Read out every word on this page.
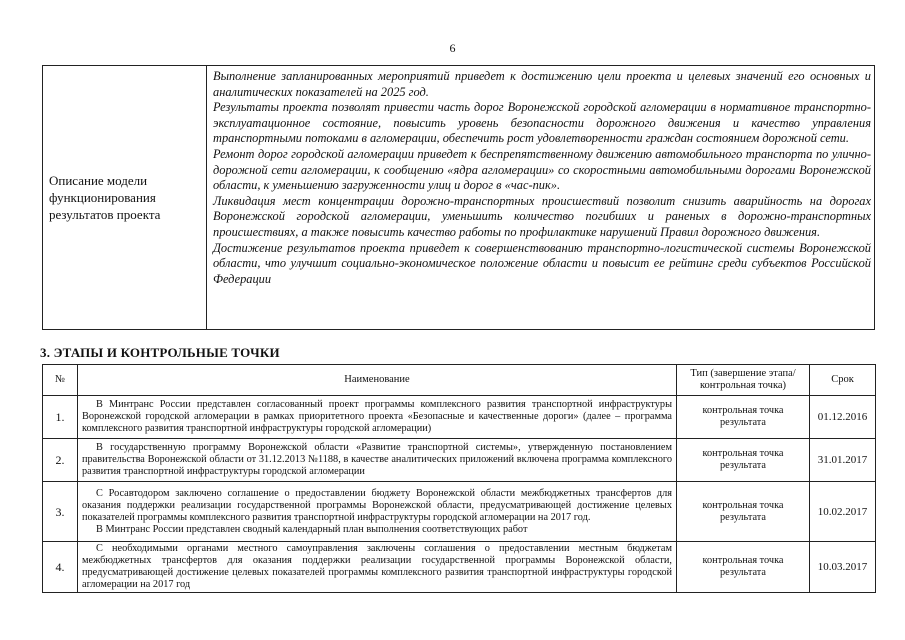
6
Описание модели функционирования результатов проекта	

Выполнение запланированных мероприятий приведет к достижению цели проекта и целевых значений его основных и аналитических показателей на 2025 год.

Результаты проекта позволят привести часть дорог Воронежской городской агломерации в нормативное транспортно-эксплуатационное состояние, повысить уровень безопасности дорожного движения и качество управления транспортными потоками в агломерации, обеспечить рост удовлетворенности граждан состоянием дорожной сети.

Ремонт дорог городской агломерации приведет к беспрепятственному движению автомобильного транспорта по улично-дорожной сети агломерации, к сообщению «ядра агломерации» со скоростными автомобильными дорогами Воронежской области, к уменьшению загруженности улиц и дорог в «час-пик».

Ликвидация мест концентрации дорожно-транспортных происшествий позволит снизить аварийность на дорогах Воронежской городской агломерации, уменьшить количество погибших и раненых в дорожно-транспортных происшествиях, а также повысить качество работы по профилактике нарушений Правил дорожного движения.

Достижение результатов проекта приведет к совершенствованию транспортно-логистической системы Воронежской области, что улучшит социально-экономическое положение области и повысит ее рейтинг среди субъектов Российской Федерации

3. ЭТАПЫ И КОНТРОЛЬНЫЕ ТОЧКИ
№	Наименование	Тип (завершение этапа/контрольная точка)	Срок
1.	В Минтранс России представлен согласованный проект программы комплексного развития транспортной инфраструктуры Воронежской городской агломерации в рамках приоритетного проекта «Безопасные и качественные дороги» (далее – программа комплексного развития транспортной инфраструктуры городской агломерации)	контрольная точка результата	01.12.2016
2.	В государственную программу Воронежской области «Развитие транспортной системы», утвержденную постановлением правительства Воронежской области от 31.12.2013 №1188, в качестве аналитических приложений включена программа комплексного развития транспортной инфраструктуры городской агломерации	контрольная точка результата	31.01.2017
3.	С Росавтодором заключено соглашение о предоставлении бюджету Воронежской области межбюджетных трансфертов для оказания поддержки реализации государственной программы Воронежской области, предусматривающей достижение целевых показателей программы комплексного развития транспортной инфраструктуры городской агломерации на 2017 год.

В Минтранс России представлен сводный календарный план выполнения соответствующих работ	контрольная точка результата	10.02.2017
4.	С необходимыми органами местного самоуправления заключены соглашения о предоставлении местным бюджетам межбюджетных трансфертов для оказания поддержки реализации государственной программы Воронежской области, предусматривающей достижение целевых показателей программы комплексного развития транспортной инфраструктуры городской агломерации на 2017 год	контрольная точка результата	10.03.2017
